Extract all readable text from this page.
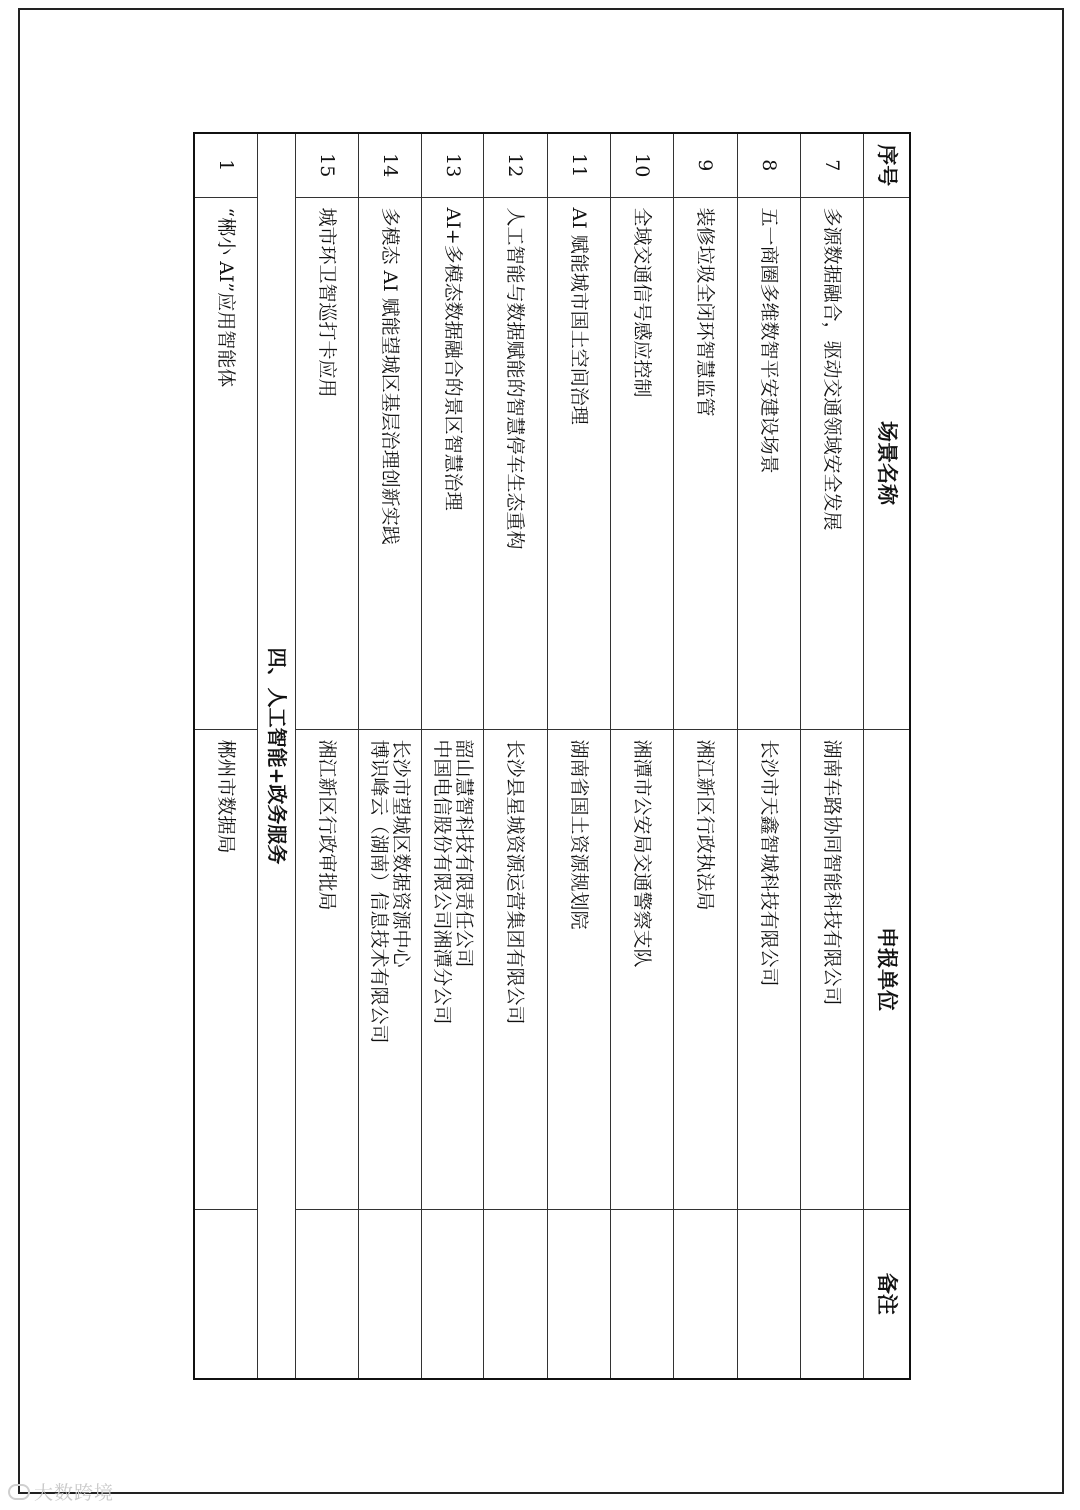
序号	场景名称	申报单位	备注
7	多源数据融合，驱动交通领域安全发展	湖南车路协同智能科技有限公司	

8	五一商圈多维数智平安建设场景	长沙市天鑫智城科技有限公司	

9	装修垃圾全闭环智慧监管	湘江新区行政执法局	

10	全域交通信号感应控制	湘潭市公安局交通警察支队	

11	AI 赋能城市国土空间治理	湖南省国土资源规划院	

12	人工智能与数据赋能的智慧停车生态重构	长沙县星城资源运营集团有限公司	

13	AI+多模态数据融合的景区智慧治理	韶山慧智科技有限责任公司
中国电信股份有限公司湘潭分公司	

14	多模态 AI 赋能望城区基层治理创新实践	长沙市望城区数据资源中心
博识峰云（湖南）信息技术有限公司	

15	城市环卫智巡打卡应用	湘江新区行政审批局	

四、人工智能+政务服务			
1	“郴小 AI”应用智能体	郴州市数据局	

大数跨境
